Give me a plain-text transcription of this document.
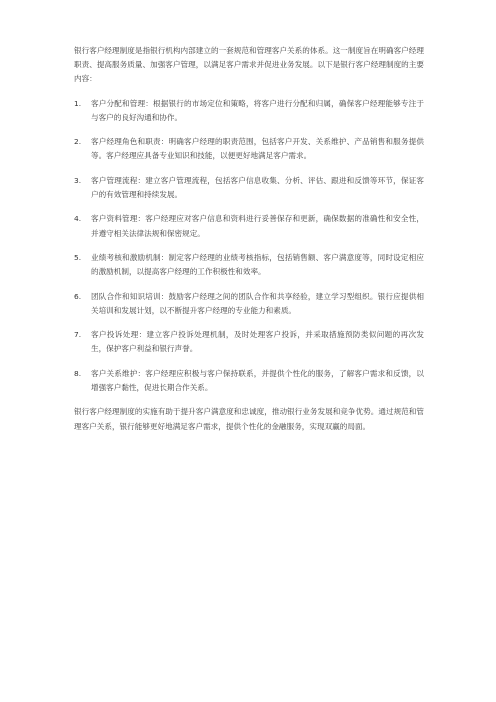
银行客户经理制度是指银行机构内部建立的一套规范和管理客户关系的体系。这一制度旨在明确客户经理职责、提高服务质量、加强客户管理，以满足客户需求并促进业务发展。以下是银行客户经理制度的主要内容：

1.	客户分配和管理：根据银行的市场定位和策略，将客户进行分配和归属，确保客户经理能够专注于与客户的良好沟通和协作。
2.	客户经理角色和职责：明确客户经理的职责范围，包括客户开发、关系维护、产品销售和服务提供等。客户经理应具备专业知识和技能，以便更好地满足客户需求。
3.	客户管理流程：建立客户管理流程，包括客户信息收集、分析、评估、跟进和反馈等环节，保证客户的有效管理和持续发展。
4.	客户资料管理：客户经理应对客户信息和资料进行妥善保存和更新，确保数据的准确性和安全性，并遵守相关法律法规和保密规定。
5.	业绩考核和激励机制：制定客户经理的业绩考核指标，包括销售额、客户满意度等，同时设定相应的激励机制，以提高客户经理的工作积极性和效率。
6.	团队合作和知识培训：鼓励客户经理之间的团队合作和共享经验，建立学习型组织。银行应提供相关培训和发展计划，以不断提升客户经理的专业能力和素质。
7.	客户投诉处理：建立客户投诉处理机制，及时处理客户投诉，并采取措施预防类似问题的再次发生，保护客户利益和银行声誉。
8.	客户关系维护：客户经理应积极与客户保持联系，并提供个性化的服务，了解客户需求和反馈，以增强客户黏性，促进长期合作关系。

银行客户经理制度的实施有助于提升客户满意度和忠诚度，推动银行业务发展和竞争优势。通过规范和管理客户关系，银行能够更好地满足客户需求，提供个性化的金融服务，实现双赢的局面。
